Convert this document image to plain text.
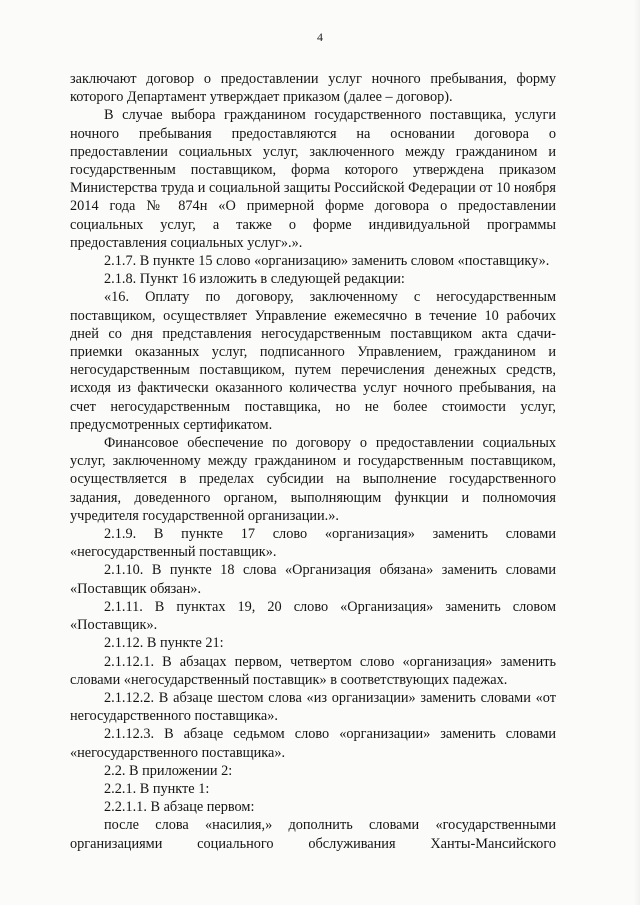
4

заключают договор о предоставлении услуг ночного пребывания, форму которого Департамент утверждает приказом (далее – договор).

В случае выбора гражданином государственного поставщика, услуги ночного пребывания предоставляются на основании договора о предоставлении социальных услуг, заключенного между гражданином и государственным поставщиком, форма которого утверждена приказом Министерства труда и социальной защиты Российской Федерации от 10 ноября 2014 года № 874н «О примерной форме договора о предоставлении социальных услуг, а также о форме индивидуальной программы предоставления социальных услуг».».

2.1.7. В пункте 15 слово «организацию» заменить словом «поставщику».

2.1.8. Пункт 16 изложить в следующей редакции:

«16. Оплату по договору, заключенному с негосударственным поставщиком, осуществляет Управление ежемесячно в течение 10 рабочих дней со дня представления негосударственным поставщиком акта сдачи-приемки оказанных услуг, подписанного Управлением, гражданином и негосударственным поставщиком, путем перечисления денежных средств, исходя из фактически оказанного количества услуг ночного пребывания, на счет негосударственным поставщика, но не более стоимости услуг, предусмотренных сертификатом.

Финансовое обеспечение по договору о предоставлении социальных услуг, заключенному между гражданином и государственным поставщиком, осуществляется в пределах субсидии на выполнение государственного задания, доведенного органом, выполняющим функции и полномочия учредителя государственной организации.».

2.1.9. В пункте 17 слово «организация» заменить словами «негосударственный поставщик».

2.1.10. В пункте 18 слова «Организация обязана» заменить словами «Поставщик обязан».

2.1.11. В пунктах 19, 20 слово «Организация» заменить словом «Поставщик».

2.1.12. В пункте 21:

2.1.12.1. В абзацах первом, четвертом слово «организация» заменить словами «негосударственный поставщик» в соответствующих падежах.

2.1.12.2. В абзаце шестом слова «из организации» заменить словами «от негосударственного поставщика».

2.1.12.3. В абзаце седьмом слово «организации» заменить словами «негосударственного поставщика».

2.2. В приложении 2:

2.2.1. В пункте 1:

2.2.1.1. В абзаце первом:

после слова «насилия,» дополнить словами «государственными организациями социального обслуживания Ханты-Мансийского
